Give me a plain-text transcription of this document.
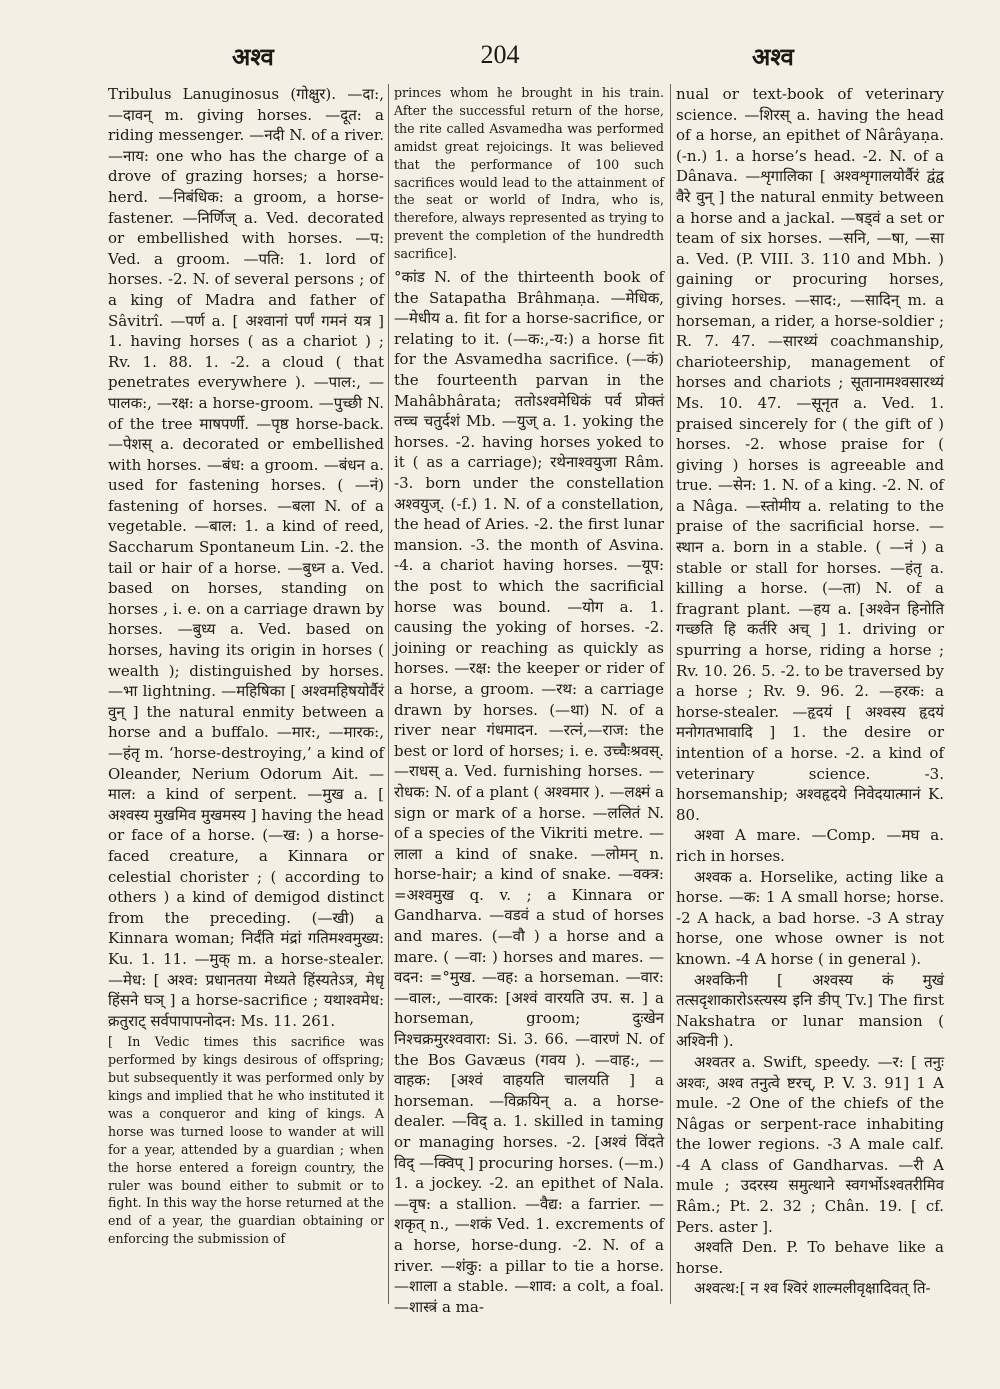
अश्व	204	अश्व

Tribulus Lanuginosus (गोक्षुर). —दा:, —दावन् m. giving horses. —दूत: a riding messenger. —नदी N. of a river. —नाय: one who has the charge of a drove of grazing horses; a horse-herd. —निबंधिक: a groom, a horse-fastener. —निर्णिज् a. Ved. decorated or embellished with horses. —प: Ved. a groom. —पति: 1. lord of horses. -2. N. of several persons ; of a king of Madra and father of Sâvitrî. —पर्ण a. [ अश्वानां पर्णं गमनं यत्र ] 1. having horses ( as a chariot ) ; Rv. 1. 88. 1. -2. a cloud ( that penetrates everywhere ). —पाल:, —पालक:, —रक्ष: a horse-groom. —पुच्छी N. of the tree माषपर्णी. —पृष्ठ horse-back. —पेशस् a. decorated or embellished with horses. —बंध: a groom. —बंधन a. used for fastening horses. ( —नं) fastening of horses. —बला N. of a vegetable. —बाल: 1. a kind of reed, Saccharum Spontaneum Lin. -2. the tail or hair of a horse. —बुध्न a. Ved. based on horses, standing on horses , i. e. on a carriage drawn by horses. —बुध्य a. Ved. based on horses, having its origin in horses ( wealth ); distinguished by horses. —भा lightning. —महिषिका [ अश्वमहिषयोर्वैरं वुन् ] the natural enmity between a horse and a buffalo. —मार:, —मारक:, —हंतृ m. ‘horse-destroying,’ a kind of Oleander, Nerium Odorum Ait. —माल: a kind of serpent. —मुख a. [ अश्वस्य मुखमिव मुखमस्य ] having the head or face of a horse. (—ख: ) a horse-faced creature, a Kinnara or celestial chorister ; ( according to others ) a kind of demigod distinct from the preceding. (—खी) a Kinnara woman; निर्दंति मंद्रां गतिमश्वमुख्य: Ku. 1. 11. —मुक् m. a horse-stealer. —मेध: [ अश्व: प्रधानतया मेध्यते हिंस्यतेऽत्र, मेधृ हिंसने घञ् ] a horse-sacrifice ; यथाश्वमेध: क्रतुराट् सर्वपापापनोदन: Ms. 11. 261.

[ In Vedic times this sacrifice was performed by kings desirous of offspring; but subsequently it was performed only by kings and implied that he who instituted it was a conqueror and king of kings. A horse was turned loose to wander at will for a year, attended by a guardian ; when the horse entered a foreign country, the ruler was bound either to submit or to fight. In this way the horse returned at the end of a year, the guardian obtaining or enforcing the submission of

princes whom he brought in his train. After the successful return of the horse, the rite called Asvamedha was performed amidst great rejoicings. It was believed that the performance of 100 such sacrifices would lead to the attainment of the seat or world of Indra, who is, therefore, always represented as trying to prevent the completion of the hundredth sacrifice].

°कांड N. of the thirteenth book of the Satapatha Brâhmaṇa. —मेधिक, —मेधीय a. fit for a horse-sacrifice, or relating to it. (—क:,-य:) a horse fit for the Asvamedha sacrifice. (—कं) the fourteenth parvan in the Mahâbhârata; ततोऽश्वमेधिकं पर्व प्रोक्तं तच्च चतुर्दशं Mb. —युज् a. 1. yoking the horses. -2. having horses yoked to it ( as a carriage); रथेनाश्वयुजा Râm. -3. born under the constellation अश्वयुज्. (-f.) 1. N. of a constellation, the head of Aries. -2. the first lunar mansion. -3. the month of Asvina. -4. a chariot having horses. —यूप: the post to which the sacrificial horse was bound. —योग a. 1. causing the yoking of horses. -2. joining or reaching as quickly as horses. —रक्ष: the keeper or rider of a horse, a groom. —रथ: a carriage drawn by horses. (—था) N. of a river near गंधमादन. —रत्नं,—राज: the best or lord of horses; i. e. उच्चैःश्रवस्. —राधस् a. Ved. furnishing horses. —रोधक: N. of a plant ( अश्वमार ). —लक्ष्मं a sign or mark of a horse. —ललितं N. of a species of the Vikriti metre. —लाला a kind of snake. —लोमन् n. horse-hair; a kind of snake. —वक्त्र: =अश्वमुख q. v. ; a Kinnara or Gandharva. —वडवं a stud of horses and mares. (—वौ ) a horse and a mare. ( —वा: ) horses and mares. —वदन: =°मुख. —वह: a horseman. —वार: —वाल:, —वारक: [अश्वं वारयति उप. स. ] a horseman, groom; दुःखेन निश्चक्रमुरश्ववारा: Si. 3. 66. —वारणं N. of the Bos Gavæus (गवय ). —वाह:, —वाहक: [अश्वं वाहयति चालयति ] a horseman. —विक्रयिन् a. a horse-dealer. —विद् a. 1. skilled in taming or managing horses. -2. [अश्वं विंदते विद् —क्विप् ] procuring horses. (—m.) 1. a jockey. -2. an epithet of Nala. —वृष: a stallion. —वैद्य: a farrier. —शकृत् n., —शकं Ved. 1. excrements of a horse, horse-dung. -2. N. of a river. —शंकु: a pillar to tie a horse. —शाला a stable. —शाव: a colt, a foal. —शास्त्रं a ma-

nual or text-book of veterinary science. —शिरस् a. having the head of a horse, an epithet of Nârâyaṇa. (-n.) 1. a horse’s head. -2. N. of a Dânava. —शृगालिका [ अश्वशृगालयोर्वैरं द्वंद्व वैरे वुन् ] the natural enmity between a horse and a jackal. —षड्वं a set or team of six horses. —सनि, —षा, —सा a. Ved. (P. VIII. 3. 110 and Mbh. ) gaining or procuring horses, giving horses. —साद:, —सादिन् m. a horseman, a rider, a horse-soldier ; R. 7. 47. —सारथ्यं coachmanship, charioteership, management of horses and chariots ; सूतानामश्वसारथ्यं Ms. 10. 47. —सूनृत a. Ved. 1. praised sincerely for ( the gift of ) horses. -2. whose praise for ( giving ) horses is agreeable and true. —सेन: 1. N. of a king. -2. N. of a Nâga. —स्तोमीय a. relating to the praise of the sacrificial horse. —स्थान a. born in a stable. ( —नं ) a stable or stall for horses. —हंतृ a. killing a horse. (—ता) N. of a fragrant plant. —हय a. [अश्वेन हिनोति गच्छति हि कर्तरि अच् ] 1. driving or spurring a horse, riding a horse ; Rv. 10. 26. 5. -2. to be traversed by a horse ; Rv. 9. 96. 2. —हरक: a horse-stealer. —हृदयं [ अश्वस्य हृदयं मनोगतभावादि ] 1. the desire or intention of a horse. -2. a kind of veterinary science. -3. horsemanship; अश्वहृदये निवेदयात्मानं K. 80.

अश्वा A mare. —Comp. —मघ a. rich in horses.

अश्वक a. Horselike, acting like a horse. —क: 1 A small horse; horse. -2 A hack, a bad horse. -3 A stray horse, one whose owner is not known. -4 A horse ( in general ).

अश्वकिनी [ अश्वस्य कं मुखं तत्सदृशाकारोऽस्त्यस्य इनि ङीप् Tv.] The first Nakshatra or lunar mansion ( अश्विनी ).

अश्वतर a. Swift, speedy. —र: [ तनुः अश्वः, अश्व तनुत्वे ष्टरच्, P. V. 3. 91] 1 A mule. -2 One of the chiefs of the Nâgas or serpent-race inhabiting the lower regions. -3 A male calf. -4 A class of Gandharvas. —री A mule ; उदरस्य समुत्थाने स्वगर्भोऽश्वतरीमिव Râm.; Pt. 2. 32 ; Chân. 19. [ cf. Pers. aster ].

अश्वति Den. P. To behave like a horse.

अश्वत्थ:[ न श्व श्विरं शाल्मलीवृक्षादिवत् ति-
